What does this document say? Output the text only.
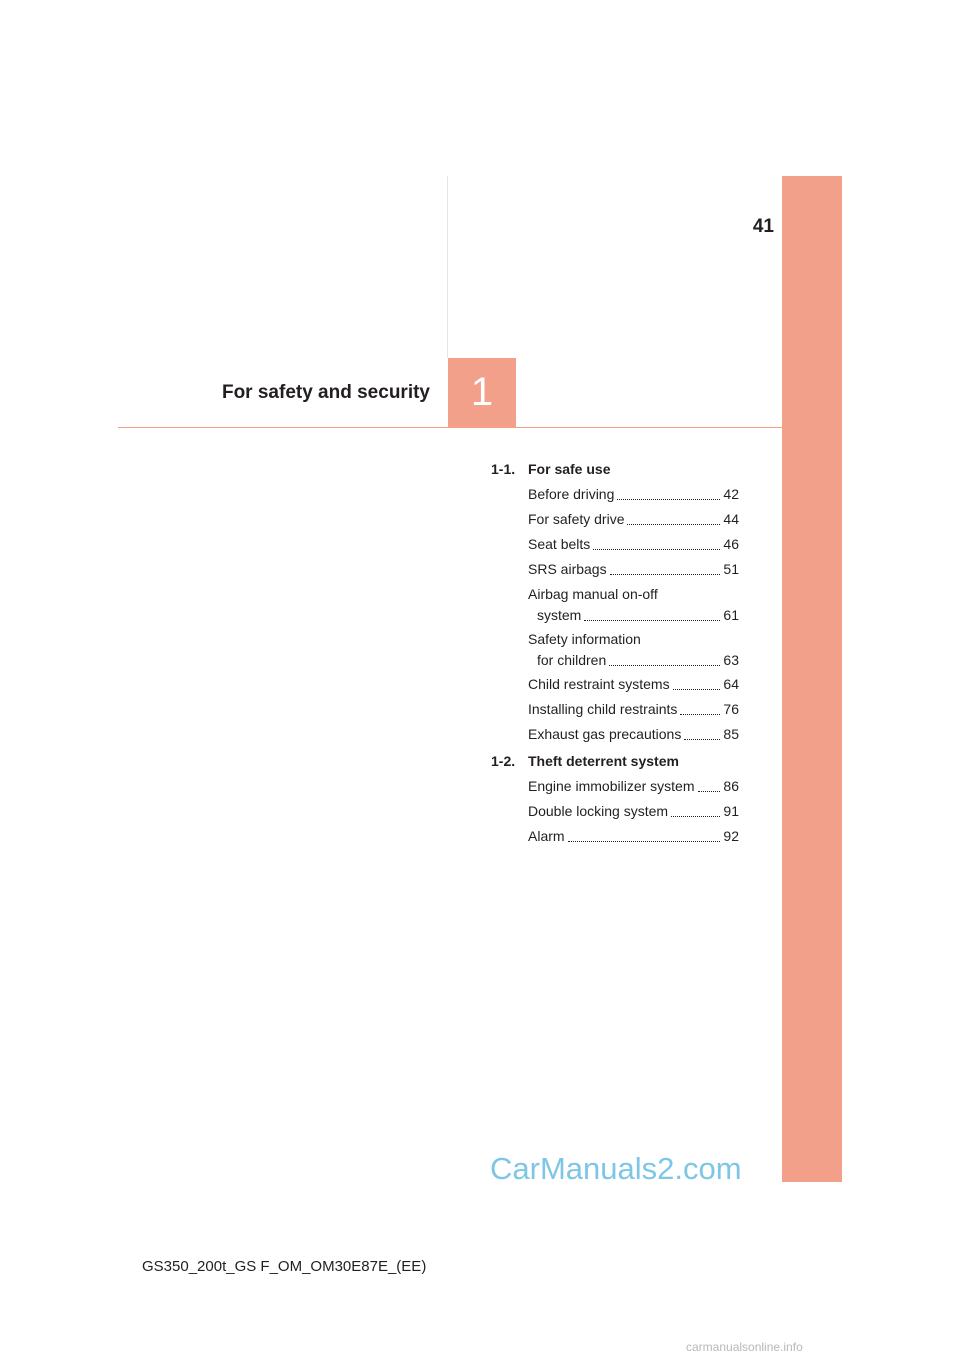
41
For safety and security	1
1-1. For safe use
Before driving	42
For safety drive	44
Seat belts	46
SRS airbags	51
Airbag manual on-off
system	61
Safety information
for children	63
Child restraint systems	64
Installing child restraints	76
Exhaust gas precautions	85
1-2. Theft deterrent system
Engine immobilizer system 86
Double locking system	91
Alarm	92
CarManuals2.com
GS350_200t_GS F_OM_OM30E87E_(EE)
carmanualsonline.info
